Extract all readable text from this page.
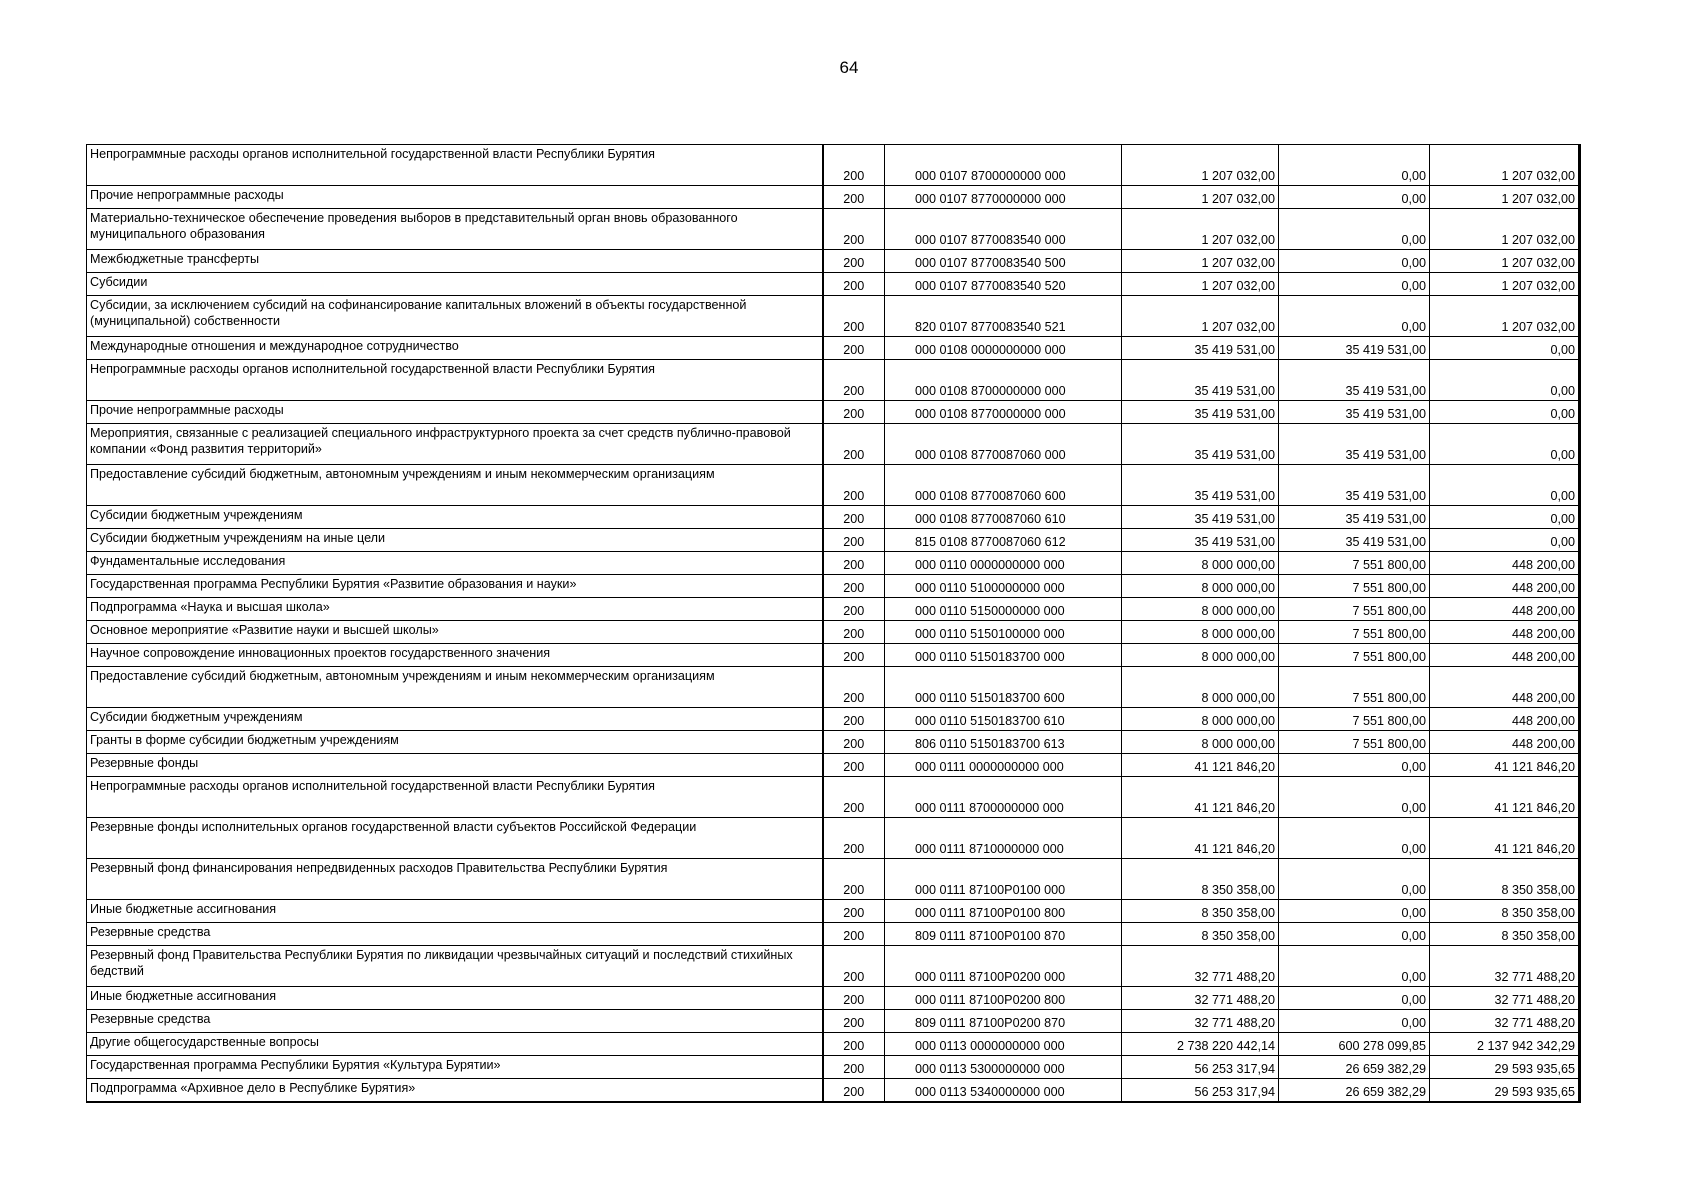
64
Непрограммные расходы органов исполнительной государственной власти Республики Бурятия	200	000 0107 8700000000 000	1 207 032,00	0,00	1 207 032,00
Прочие непрограммные расходы	200	000 0107 8770000000 000	1 207 032,00	0,00	1 207 032,00
Материально-техническое обеспечение проведения выборов в представительный орган вновь образованного муниципального образования	200	000 0107 8770083540 000	1 207 032,00	0,00	1 207 032,00
Межбюджетные трансферты	200	000 0107 8770083540 500	1 207 032,00	0,00	1 207 032,00
Субсидии	200	000 0107 8770083540 520	1 207 032,00	0,00	1 207 032,00
Субсидии, за исключением субсидий на софинансирование капитальных вложений в объекты государственной (муниципальной) собственности	200	820 0107 8770083540 521	1 207 032,00	0,00	1 207 032,00
Международные отношения и международное сотрудничество	200	000 0108 0000000000 000	35 419 531,00	35 419 531,00	0,00
Непрограммные расходы органов исполнительной государственной власти Республики Бурятия	200	000 0108 8700000000 000	35 419 531,00	35 419 531,00	0,00
Прочие непрограммные расходы	200	000 0108 8770000000 000	35 419 531,00	35 419 531,00	0,00
Мероприятия, связанные с реализацией специального инфраструктурного проекта за счет средств публично-правовой компании «Фонд развития территорий»	200	000 0108 8770087060 000	35 419 531,00	35 419 531,00	0,00
Предоставление субсидий бюджетным, автономным учреждениям и иным некоммерческим организациям	200	000 0108 8770087060 600	35 419 531,00	35 419 531,00	0,00
Субсидии бюджетным учреждениям	200	000 0108 8770087060 610	35 419 531,00	35 419 531,00	0,00
Субсидии бюджетным учреждениям на иные цели	200	815 0108 8770087060 612	35 419 531,00	35 419 531,00	0,00
Фундаментальные исследования	200	000 0110 0000000000 000	8 000 000,00	7 551 800,00	448 200,00
Государственная программа Республики Бурятия «Развитие образования и науки»	200	000 0110 5100000000 000	8 000 000,00	7 551 800,00	448 200,00
Подпрограмма «Наука и высшая школа»	200	000 0110 5150000000 000	8 000 000,00	7 551 800,00	448 200,00
Основное мероприятие «Развитие науки и высшей школы»	200	000 0110 5150100000 000	8 000 000,00	7 551 800,00	448 200,00
Научное сопровождение инновационных проектов государственного значения	200	000 0110 5150183700 000	8 000 000,00	7 551 800,00	448 200,00
Предоставление субсидий бюджетным, автономным учреждениям и иным некоммерческим организациям	200	000 0110 5150183700 600	8 000 000,00	7 551 800,00	448 200,00
Субсидии бюджетным учреждениям	200	000 0110 5150183700 610	8 000 000,00	7 551 800,00	448 200,00
Гранты в форме субсидии бюджетным учреждениям	200	806 0110 5150183700 613	8 000 000,00	7 551 800,00	448 200,00
Резервные фонды	200	000 0111 0000000000 000	41 121 846,20	0,00	41 121 846,20
Непрограммные расходы органов исполнительной государственной власти Республики Бурятия	200	000 0111 8700000000 000	41 121 846,20	0,00	41 121 846,20
Резервные фонды исполнительных органов государственной власти субъектов Российской Федерации	200	000 0111 8710000000 000	41 121 846,20	0,00	41 121 846,20
Резервный фонд финансирования непредвиденных расходов Правительства Республики Бурятия	200	000 0111 87100P0100 000	8 350 358,00	0,00	8 350 358,00
Иные бюджетные ассигнования	200	000 0111 87100P0100 800	8 350 358,00	0,00	8 350 358,00
Резервные средства	200	809 0111 87100P0100 870	8 350 358,00	0,00	8 350 358,00
Резервный фонд Правительства Республики Бурятия по ликвидации чрезвычайных ситуаций и последствий стихийных бедствий	200	000 0111 87100P0200 000	32 771 488,20	0,00	32 771 488,20
Иные бюджетные ассигнования	200	000 0111 87100P0200 800	32 771 488,20	0,00	32 771 488,20
Резервные средства	200	809 0111 87100P0200 870	32 771 488,20	0,00	32 771 488,20
Другие общегосударственные вопросы	200	000 0113 0000000000 000	2 738 220 442,14	600 278 099,85	2 137 942 342,29
Государственная программа Республики Бурятия «Культура Бурятии»	200	000 0113 5300000000 000	56 253 317,94	26 659 382,29	29 593 935,65
Подпрограмма «Архивное дело в Республике Бурятия»	200	000 0113 5340000000 000	56 253 317,94	26 659 382,29	29 593 935,65
